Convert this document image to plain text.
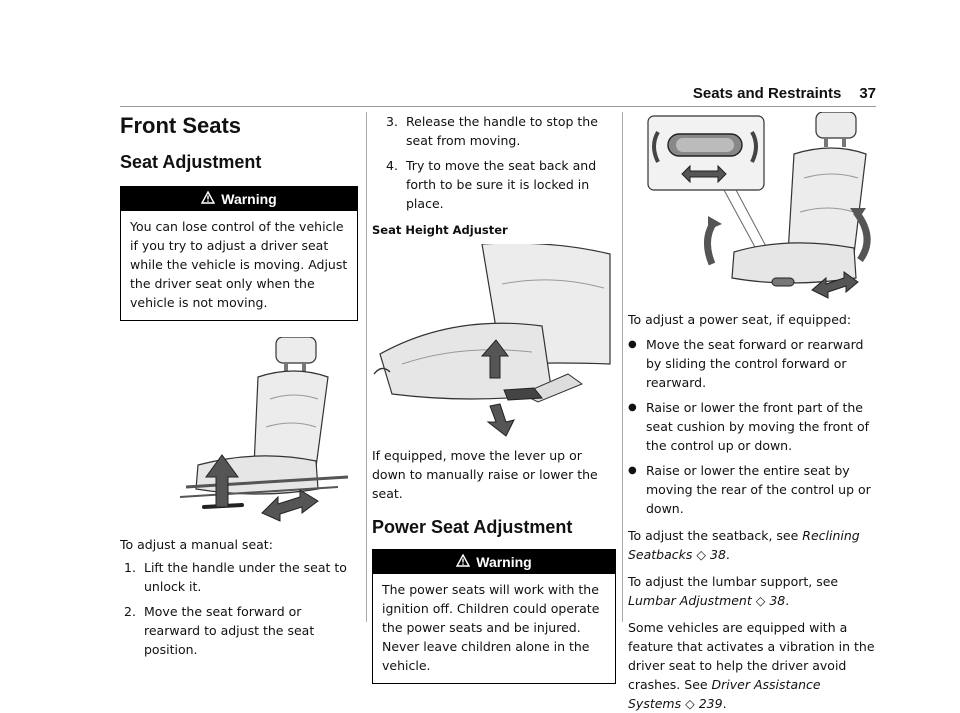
Seats and Restraints 37
Front Seats
Seat Adjustment
Warning
You can lose control of the vehicle if you try to adjust a driver seat while the vehicle is moving. Adjust the driver seat only when the vehicle is not moving.

To adjust a manual seat:

1. Lift the handle under the seat to unlock it.
2. Move the seat forward or rearward to adjust the seat position.
3. Release the handle to stop the seat from moving.
4. Try to move the seat back and forth to be sure it is locked in place.

Seat Height Adjuster

If equipped, move the lever up or down to manually raise or lower the seat.

Power Seat Adjustment
Warning
The power seats will work with the ignition off. Children could operate the power seats and be injured. Never leave children alone in the vehicle.

To adjust a power seat, if equipped:

● Move the seat forward or rearward by sliding the control forward or rearward.
● Raise or lower the front part of the seat cushion by moving the front of the control up or down.
● Raise or lower the entire seat by moving the rear of the control up or down.

To adjust the seatback, see Reclining Seatbacks ◇ 38.

To adjust the lumbar support, see Lumbar Adjustment ◇ 38.

Some vehicles are equipped with a feature that activates a vibration in the driver seat to help the driver avoid crashes. See Driver Assistance Systems ◇ 239.
